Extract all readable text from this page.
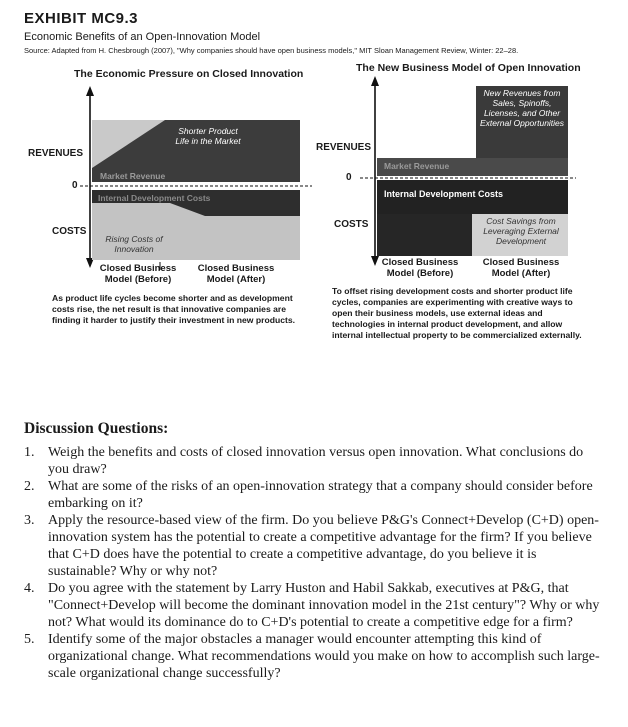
EXHIBIT MC9.3
Economic Benefits of an Open-Innovation Model
Source: Adapted from H. Chesbrough (2007), "Why companies should have open business models," MIT Sloan Management Review, Winter: 22–28.
The Economic Pressure on Closed Innovation
REVENUES
0
COSTS
Shorter Product Life in the Market
Market Revenue
Internal Development Costs
Rising Costs of Innovation
Closed Business Model (Before)
Closed Business Model (After)
As product life cycles become shorter and as development costs rise, the net result is that innovative companies are finding it harder to justify their investment in new products.
The New Business Model of Open Innovation
REVENUES
0
COSTS
New Revenues from Sales, Spinoffs, Licenses, and Other External Opportunities
Market Revenue
Internal Development Costs
Cost Savings from Leveraging External Development
Closed Business Model (Before)
Closed Business Model (After)
To offset rising development costs and shorter product life cycles, companies are experimenting with creative ways to open their business models, use external ideas and technologies in internal product development, and allow internal intellectual property to be commercialized externally.
Discussion Questions:
1. Weigh the benefits and costs of closed innovation versus open innovation. What conclusions do you draw?
2. What are some of the risks of an open-innovation strategy that a company should consider before embarking on it?
3. Apply the resource-based view of the firm. Do you believe P&G's Connect+Develop (C+D) open-innovation system has the potential to create a competitive advantage for the firm? If you believe that C+D does have the potential to create a competitive advantage, do you believe it is sustainable? Why or why not?
4. Do you agree with the statement by Larry Huston and Habil Sakkab, executives at P&G, that "Connect+Develop will become the dominant innovation model in the 21st century"? Why or why not? What would its dominance do to C+D's potential to create a competitive edge for a firm?
5. Identify some of the major obstacles a manager would encounter attempting this kind of organizational change. What recommendations would you make on how to accomplish such large-scale organizational change successfully?
